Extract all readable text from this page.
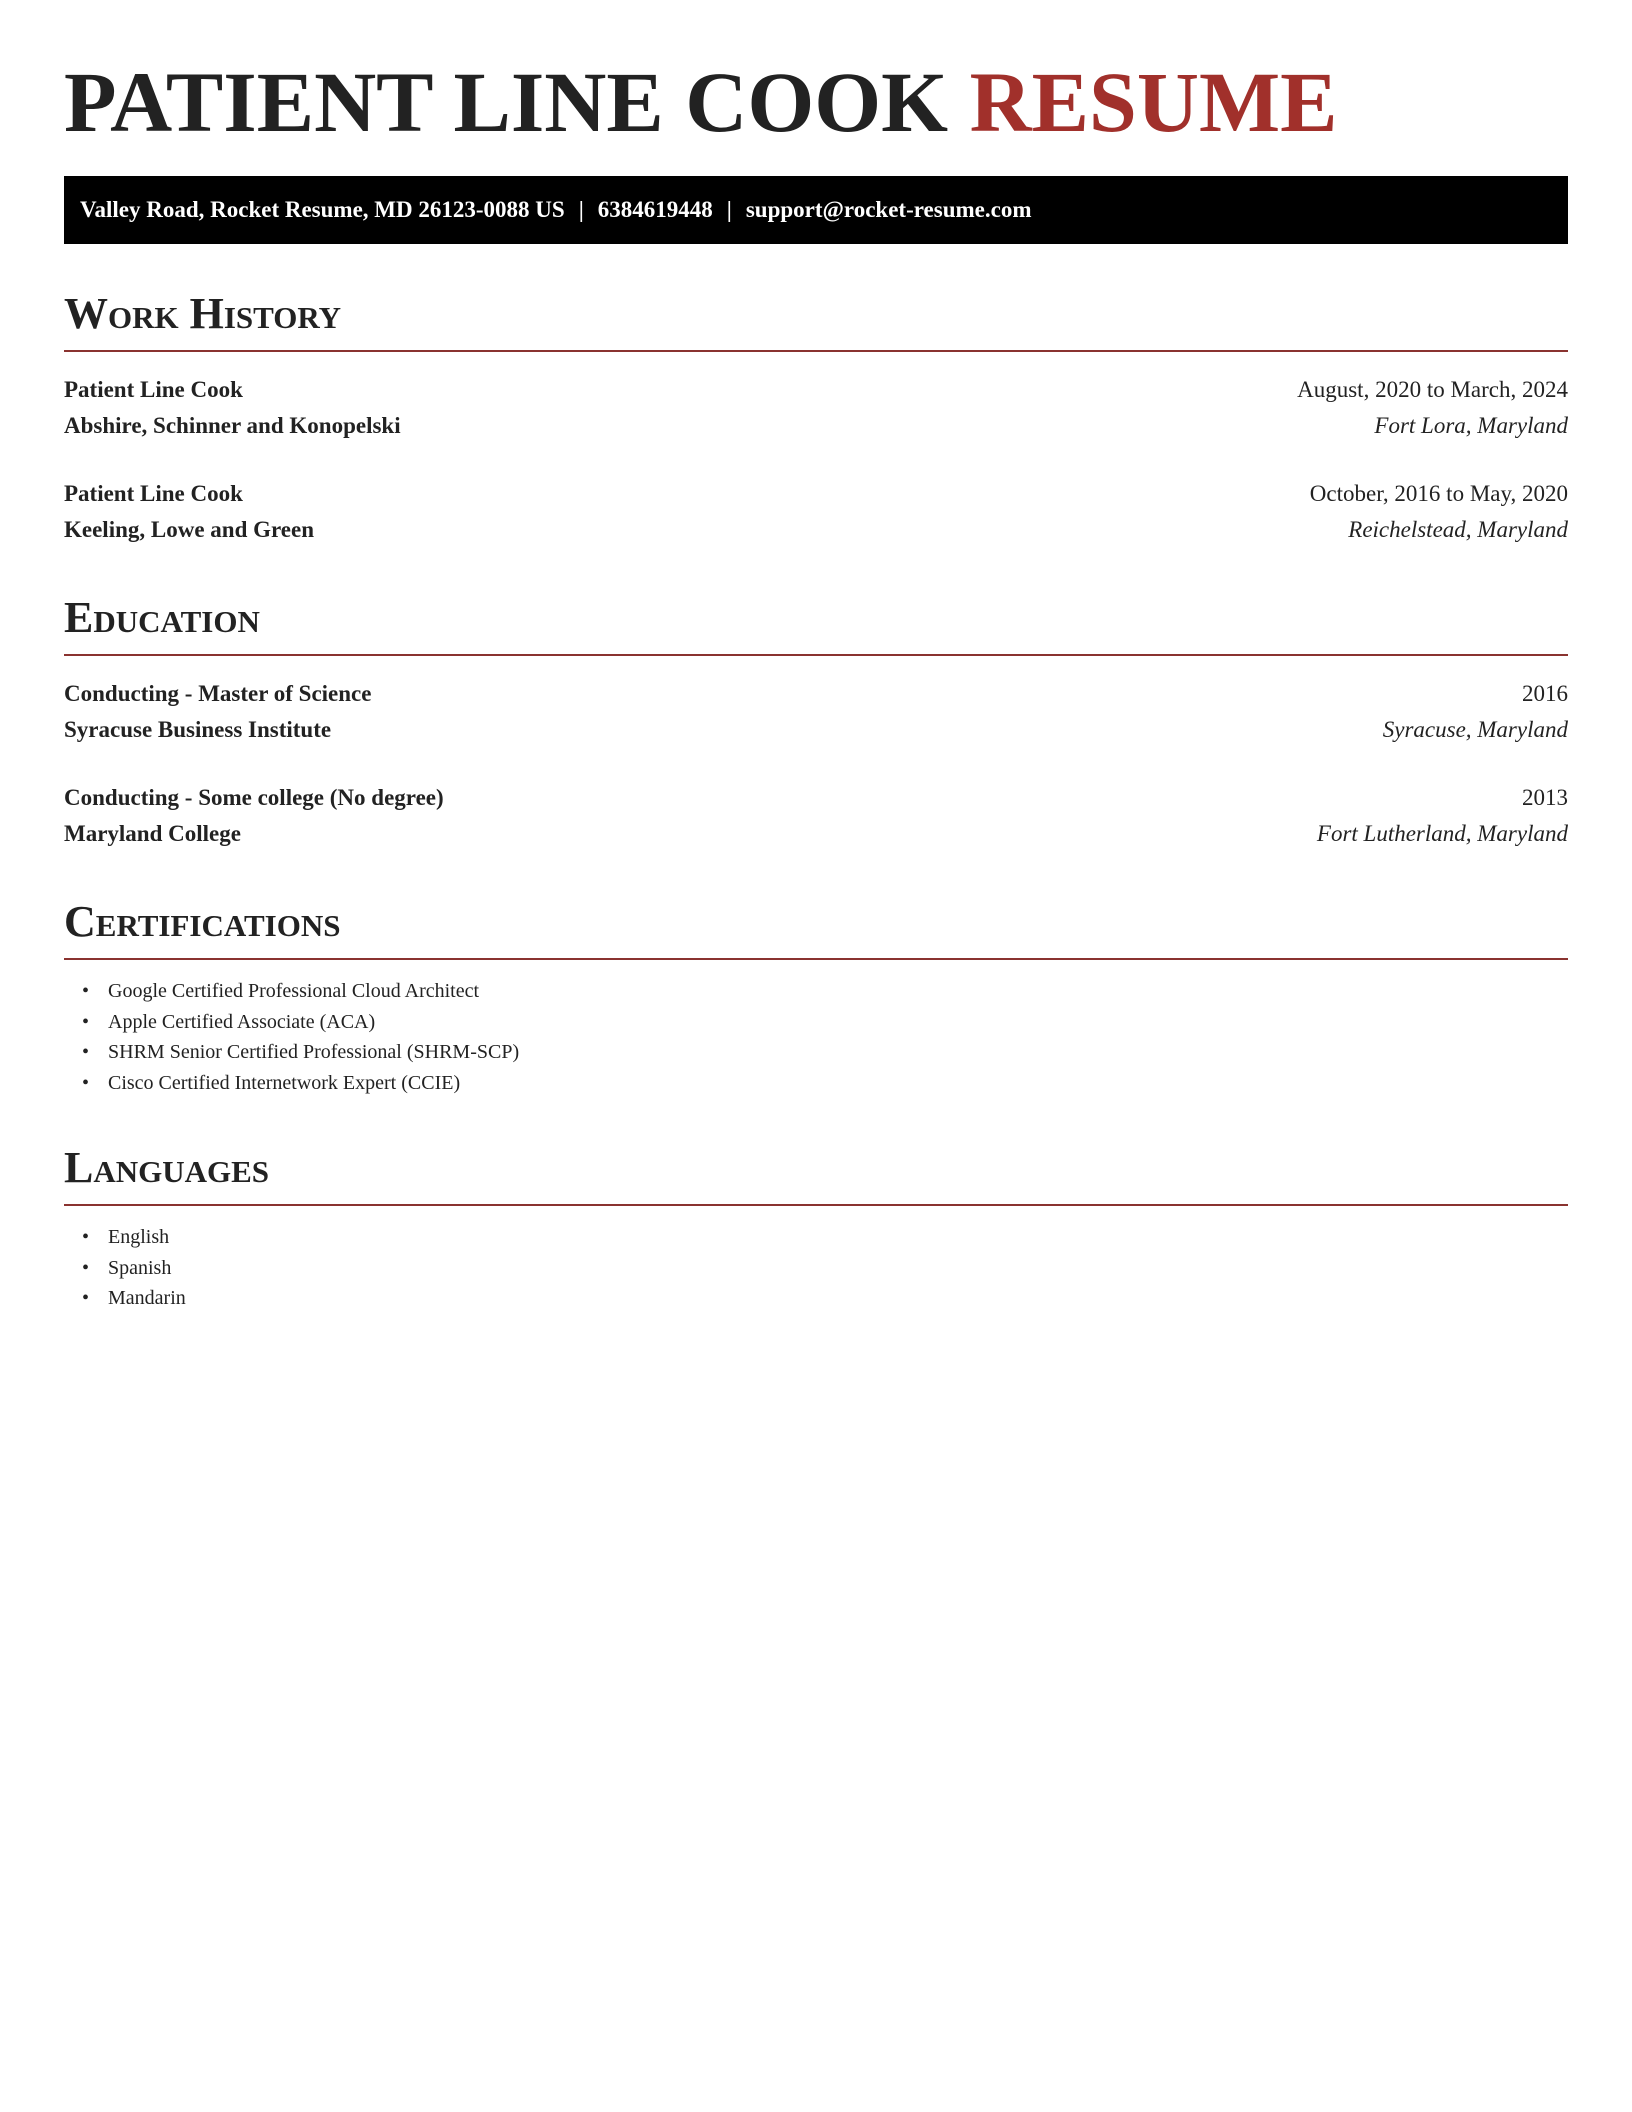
PATIENT LINE COOK RESUME
Valley Road, Rocket Resume, MD 26123-0088 US | 6384619448 | support@rocket-resume.com
Work History
Patient Line Cook	August, 2020 to March, 2024
Abshire, Schinner and Konopelski	Fort Lora, Maryland
Patient Line Cook	October, 2016 to May, 2020
Keeling, Lowe and Green	Reichelstead, Maryland
Education
Conducting - Master of Science	2016
Syracuse Business Institute	Syracuse, Maryland
Conducting - Some college (No degree)	2013
Maryland College	Fort Lutherland, Maryland
Certifications
• Google Certified Professional Cloud Architect
• Apple Certified Associate (ACA)
• SHRM Senior Certified Professional (SHRM-SCP)
• Cisco Certified Internetwork Expert (CCIE)
Languages
• English
• Spanish
• Mandarin
